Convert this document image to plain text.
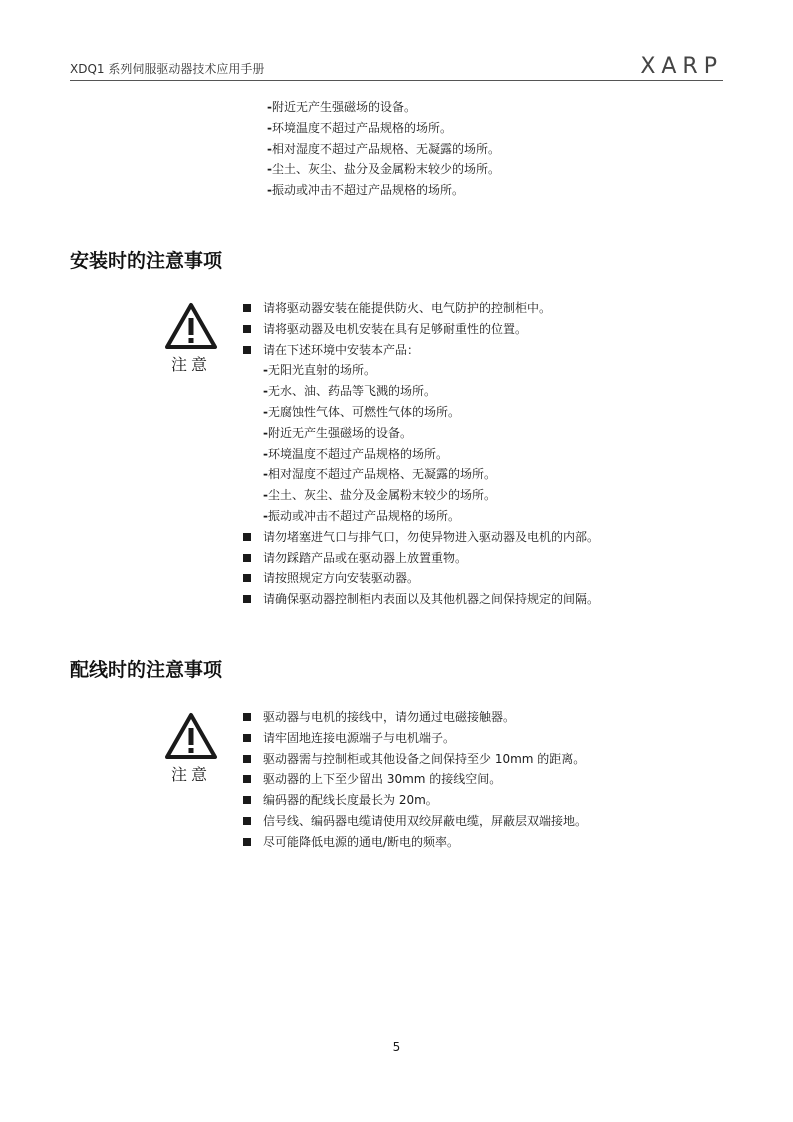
XDQ1 系列伺服驱动器技术应用手册	XARP
- 附近无产生强磁场的设备。
- 环境温度不超过产品规格的场所。
- 相对湿度不超过产品规格、无凝露的场所。
- 尘土、灰尘、盐分及金属粉末较少的场所。
- 振动或冲击不超过产品规格的场所。
安装时的注意事项
注意
请将驱动器安装在能提供防火、电气防护的控制柜中。
请将驱动器及电机安装在具有足够耐重性的位置。
请在下述环境中安装本产品：
- 无阳光直射的场所。
- 无水、油、药品等飞溅的场所。
- 无腐蚀性气体、可燃性气体的场所。
- 附近无产生强磁场的设备。
- 环境温度不超过产品规格的场所。
- 相对湿度不超过产品规格、无凝露的场所。
- 尘土、灰尘、盐分及金属粉末较少的场所。
- 振动或冲击不超过产品规格的场所。
请勿堵塞进气口与排气口，勿使异物进入驱动器及电机的内部。
请勿踩踏产品或在驱动器上放置重物。
请按照规定方向安装驱动器。
请确保驱动器控制柜内表面以及其他机器之间保持规定的间隔。
配线时的注意事项
注意
驱动器与电机的接线中，请勿通过电磁接触器。
请牢固地连接电源端子与电机端子。
驱动器需与控制柜或其他设备之间保持至少 10mm 的距离。
驱动器的上下至少留出 30mm 的接线空间。
编码器的配线长度最长为 20m。
信号线、编码器电缆请使用双绞屏蔽电缆，屏蔽层双端接地。
尽可能降低电源的通电/断电的频率。
5
